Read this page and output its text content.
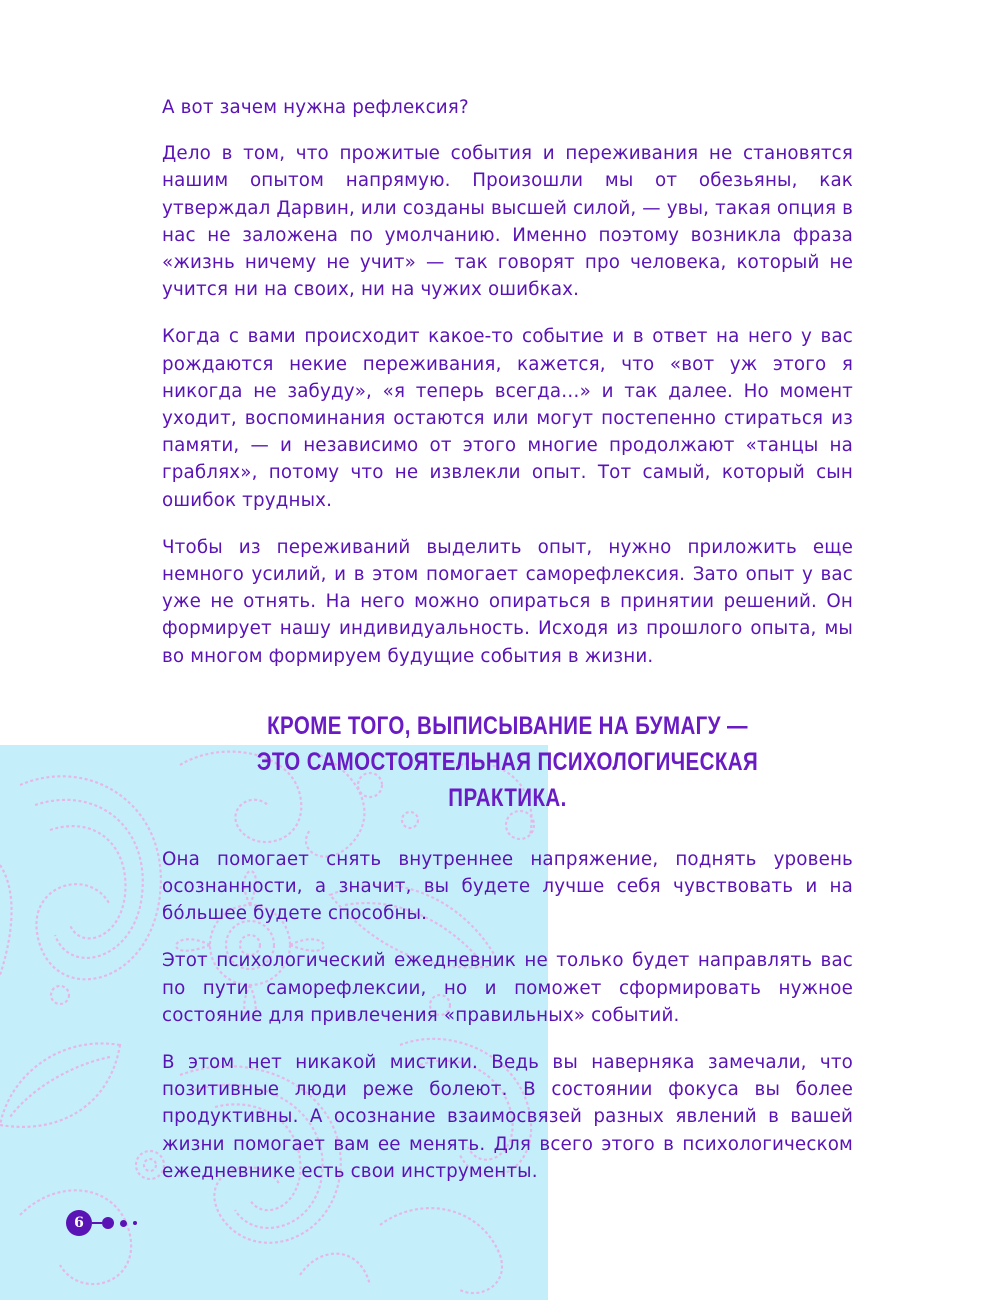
А вот зачем нужна рефлексия?

Дело в том, что прожитые события и переживания не становятся нашим опытом напрямую. Произошли мы от обезьяны, как утверждал Дарвин, или созданы высшей силой, — увы, такая опция в нас не заложена по умолчанию. Именно поэтому возникла фраза «жизнь ничему не учит» — так говорят про человека, который не учится ни на своих, ни на чужих ошибках.

Когда с вами происходит какое-то событие и в ответ на него у вас рождаются некие переживания, кажется, что «вот уж этого я никогда не забуду», «я теперь всегда…» и так далее. Но момент уходит, воспоминания остаются или могут постепенно стираться из памяти, — и независимо от этого многие продолжают «танцы на граблях», потому что не извлекли опыт. Тот самый, который сын ошибок трудных.

Чтобы из переживаний выделить опыт, нужно приложить еще немного усилий, и в этом помогает саморефлексия. Зато опыт у вас уже не отнять. На него можно опираться в принятии решений. Он формирует нашу индивидуальность. Исходя из прошлого опыта, мы во многом формируем будущие события в жизни.

КРОМЕ ТОГО, ВЫПИСЫВАНИЕ НА БУМАГУ —
ЭТО САМОСТОЯТЕЛЬНАЯ ПСИХОЛОГИЧЕСКАЯ ПРАКТИКА.

Она помогает снять внутреннее напряжение, поднять уровень осознанности, а значит, вы будете лучше себя чувствовать и на бо́льшее будете способны.

Этот психологический ежедневник не только будет направлять вас по пути саморефлексии, но и поможет сформировать нужное состояние для привлечения «правильных» событий.

В этом нет никакой мистики. Ведь вы наверняка замечали, что позитивные люди реже болеют. В состоянии фокуса вы более продуктивны. А осознание взаимосвязей разных явлений в вашей жизни помогает вам ее менять. Для всего этого в психологическом ежедневнике есть свои инструменты.

6
